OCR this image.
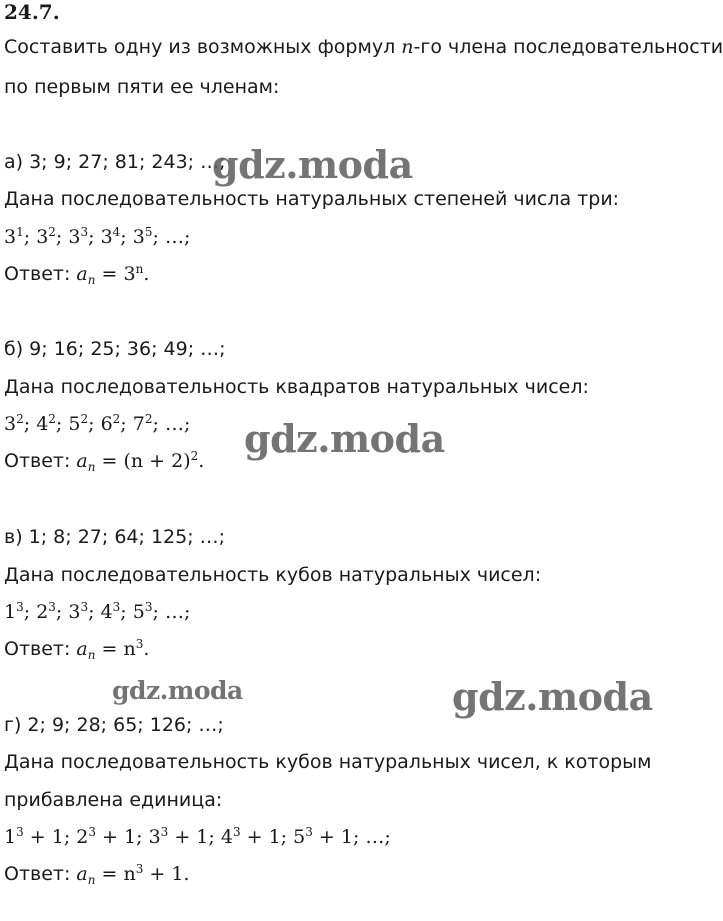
24.7.
Составить одну из возможных формул n-го члена последовательности
по первым пяти ее членам:
а) 3; 9; 27; 81; 243; …;
Дана последовательность натуральных степеней числа три:
$3^1$; $3^2$; $3^3$; $3^4$; $3^5$; …;
Ответ: $a_n = 3^n$.
б) 9; 16; 25; 36; 49; …;
Дана последовательность квадратов натуральных чисел:
$3^2$; $4^2$; $5^2$; $6^2$; $7^2$; …;
Ответ: $a_n = (n + 2)^2$.
в) 1; 8; 27; 64; 125; …;
Дана последовательность кубов натуральных чисел:
$1^3$; $2^3$; $3^3$; $4^3$; $5^3$; …;
Ответ: $a_n = n^3$.
г) 2; 9; 28; 65; 126; …;
Дана последовательность кубов натуральных чисел, к которым
прибавлена единица:
$1^3 + 1$; $2^3 + 1$; $3^3 + 1$; $4^3 + 1$; $5^3 + 1$; …;
Ответ: $a_n = n^3 + 1$.
gdz.moda
gdz.moda
gdz.moda	gdz.moda
